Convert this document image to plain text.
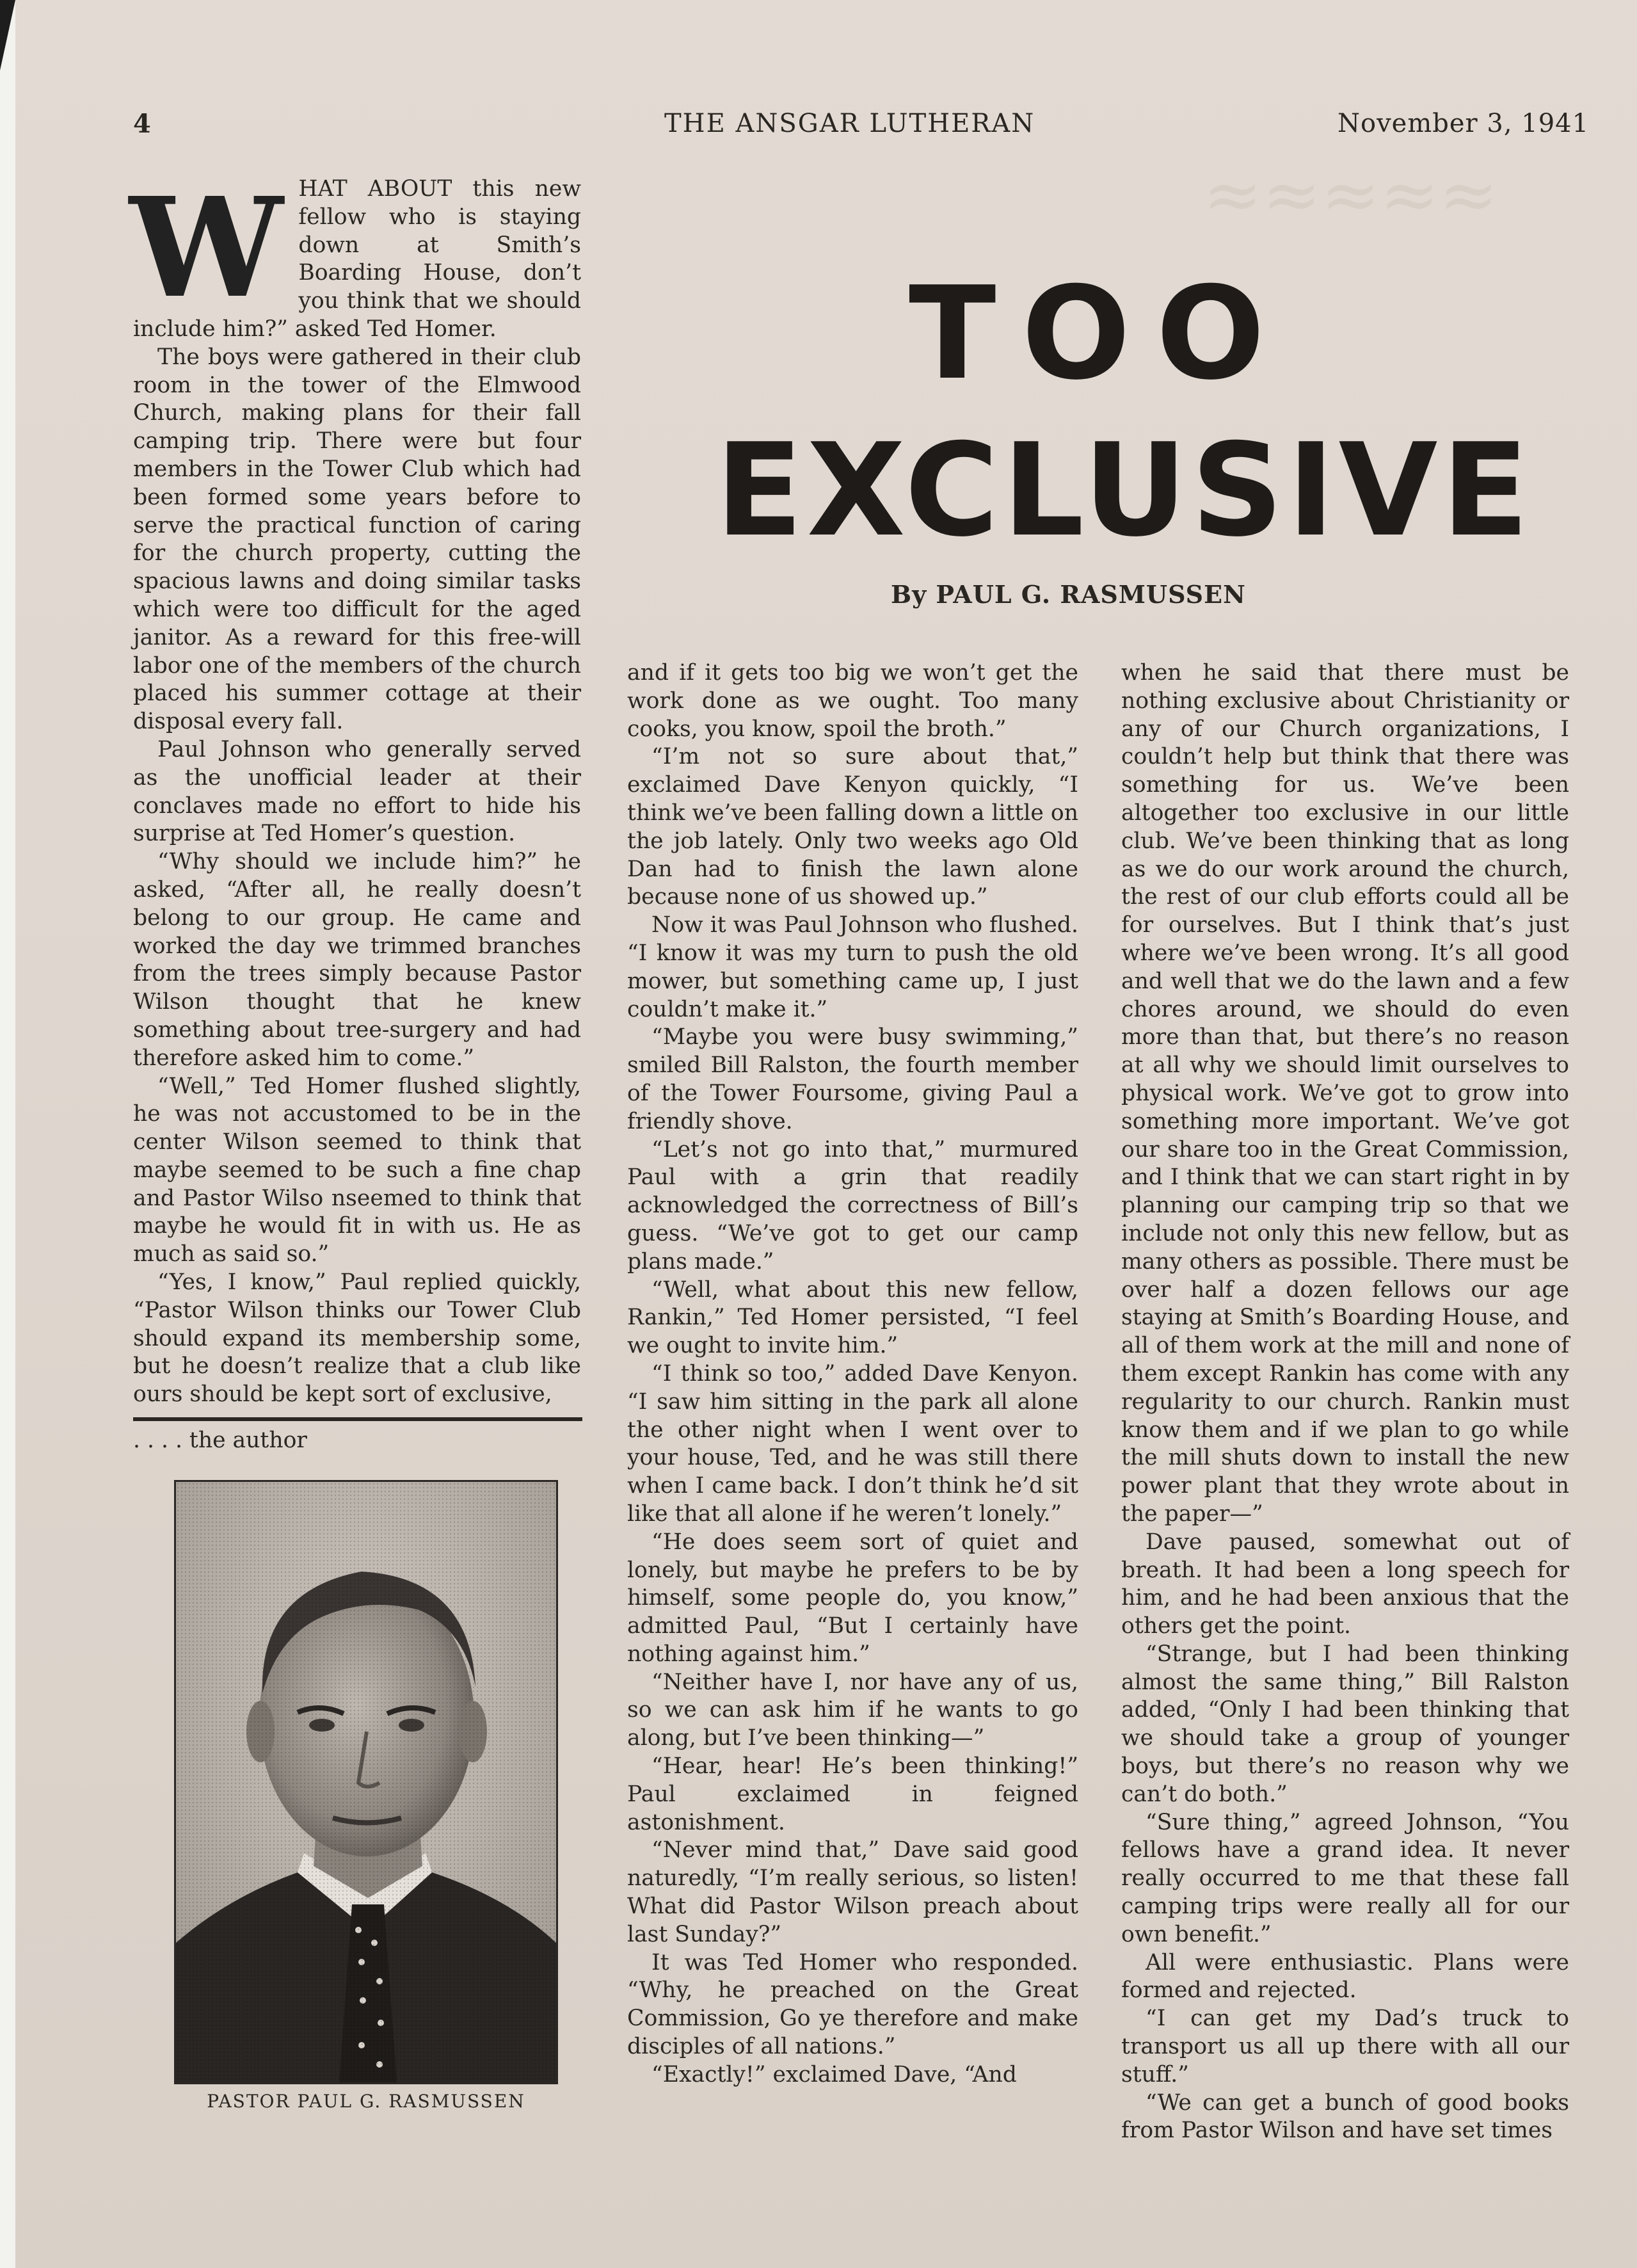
≈≈≈≈≈
4	THE ANSGAR LUTHERAN	November 3, 1941
TOO
EXCLUSIVE
By PAUL G. RASMUSSEN
W HAT ABOUT this new fellow who is staying down at Smith’s Boarding House, don’t you think that we should include him?” asked Ted Homer.

The boys were gathered in their club room in the tower of the Elmwood Church, making plans for their fall camping trip. There were but four members in the Tower Club which had been formed some years before to serve the practical function of caring for the church property, cutting the spacious lawns and doing similar tasks which were too difficult for the aged janitor. As a reward for this free-will labor one of the members of the church placed his summer cottage at their disposal every fall.

Paul Johnson who generally served as the unofficial leader at their conclaves made no effort to hide his surprise at Ted Homer’s question.

“Why should we include him?” he asked, “After all, he really doesn’t belong to our group. He came and worked the day we trimmed branches from the trees simply because Pastor Wilson thought that he knew something about tree-surgery and had therefore asked him to come.”

“Well,” Ted Homer flushed slightly, he was not accustomed to be in the center Wilson seemed to think that maybe seemed to be such a fine chap and Pastor Wilso nseemed to think that maybe he would fit in with us. He as much as said so.”

“Yes, I know,” Paul replied quickly, “Pastor Wilson thinks our Tower Club should expand its membership some, but he doesn’t realize that a club like ours should be kept sort of exclusive,

. . . . the author
PASTOR PAUL G. RASMUSSEN

and if it gets too big we won’t get the work done as we ought. Too many cooks, you know, spoil the broth.”

“I’m not so sure about that,” exclaimed Dave Kenyon quickly, “I think we’ve been falling down a little on the job lately. Only two weeks ago Old Dan had to finish the lawn alone because none of us showed up.”

Now it was Paul Johnson who flushed. “I know it was my turn to push the old mower, but something came up, I just couldn’t make it.”

“Maybe you were busy swimming,” smiled Bill Ralston, the fourth member of the Tower Foursome, giving Paul a friendly shove.

“Let’s not go into that,” murmured Paul with a grin that readily acknowledged the correctness of Bill’s guess. “We’ve got to get our camp plans made.”

“Well, what about this new fellow, Rankin,” Ted Homer persisted, “I feel we ought to invite him.”

“I think so too,” added Dave Kenyon. “I saw him sitting in the park all alone the other night when I went over to your house, Ted, and he was still there when I came back. I don’t think he’d sit like that all alone if he weren’t lonely.”

“He does seem sort of quiet and lonely, but maybe he prefers to be by himself, some people do, you know,” admitted Paul, “But I certainly have nothing against him.”

“Neither have I, nor have any of us, so we can ask him if he wants to go along, but I’ve been thinking—”

“Hear, hear! He’s been thinking!” Paul exclaimed in feigned astonishment.

“Never mind that,” Dave said good naturedly, “I’m really serious, so listen! What did Pastor Wilson preach about last Sunday?”

It was Ted Homer who responded. “Why, he preached on the Great Commission, Go ye therefore and make disciples of all nations.”

“Exactly!” exclaimed Dave, “And

when he said that there must be nothing exclusive about Christianity or any of our Church organizations, I couldn’t help but think that there was something for us. We’ve been altogether too exclusive in our little club. We’ve been thinking that as long as we do our work around the church, the rest of our club efforts could all be for ourselves. But I think that’s just where we’ve been wrong. It’s all good and well that we do the lawn and a few chores around, we should do even more than that, but there’s no reason at all why we should limit ourselves to physical work. We’ve got to grow into something more important. We’ve got our share too in the Great Commission, and I think that we can start right in by planning our camping trip so that we include not only this new fellow, but as many others as possible. There must be over half a dozen fellows our age staying at Smith’s Boarding House, and all of them work at the mill and none of them except Rankin has come with any regularity to our church. Rankin must know them and if we plan to go while the mill shuts down to install the new power plant that they wrote about in the paper—”

Dave paused, somewhat out of breath. It had been a long speech for him, and he had been anxious that the others get the point.

“Strange, but I had been thinking almost the same thing,” Bill Ralston added, “Only I had been thinking that we should take a group of younger boys, but there’s no reason why we can’t do both.”

“Sure thing,” agreed Johnson, “You fellows have a grand idea. It never really occurred to me that these fall camping trips were really all for our own benefit.”

All were enthusiastic. Plans were formed and rejected.

“I can get my Dad’s truck to transport us all up there with all our stuff.”

“We can get a bunch of good books from Pastor Wilson and have set times
